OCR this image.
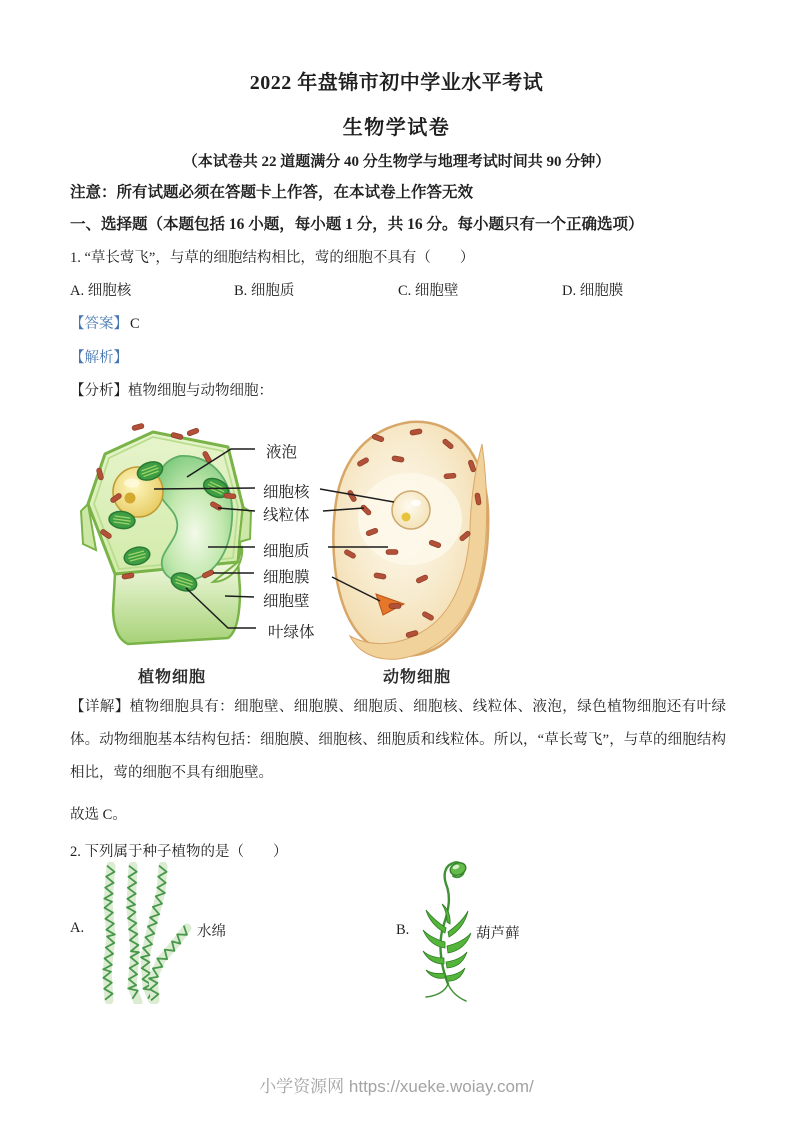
2022 年盘锦市初中学业水平考试
生物学试卷
（本试卷共 22 道题满分 40 分生物学与地理考试时间共 90 分钟）
注意：所有试题必须在答题卡上作答，在本试卷上作答无效
一、选择题（本题包括 16 小题，每小题 1 分，共 16 分。每小题只有一个正确选项）
1. “草长莺飞”，与草的细胞结构相比，莺的细胞不具有（　　）
A. 细胞核	B. 细胞质	C. 细胞壁	D. 细胞膜
【答案】 C
【解析】
【分析】植物细胞与动物细胞：
液泡
细胞核
线粒体
细胞质
细胞膜
细胞壁
叶绿体
植物细胞	动物细胞
【详解】植物细胞具有：细胞壁、细胞膜、细胞质、细胞核、线粒体、液泡，绿色植物细胞还有叶绿体。动物细胞基本结构包括：细胞膜、细胞核、细胞质和线粒体。所以，“草长莺飞”，与草的细胞结构相比，莺的细胞不具有细胞壁。
故选 C。
2. 下列属于种子植物的是（　　）
A.	水绵	B.	葫芦藓
小学资源网 https://xueke.woiay.com/
